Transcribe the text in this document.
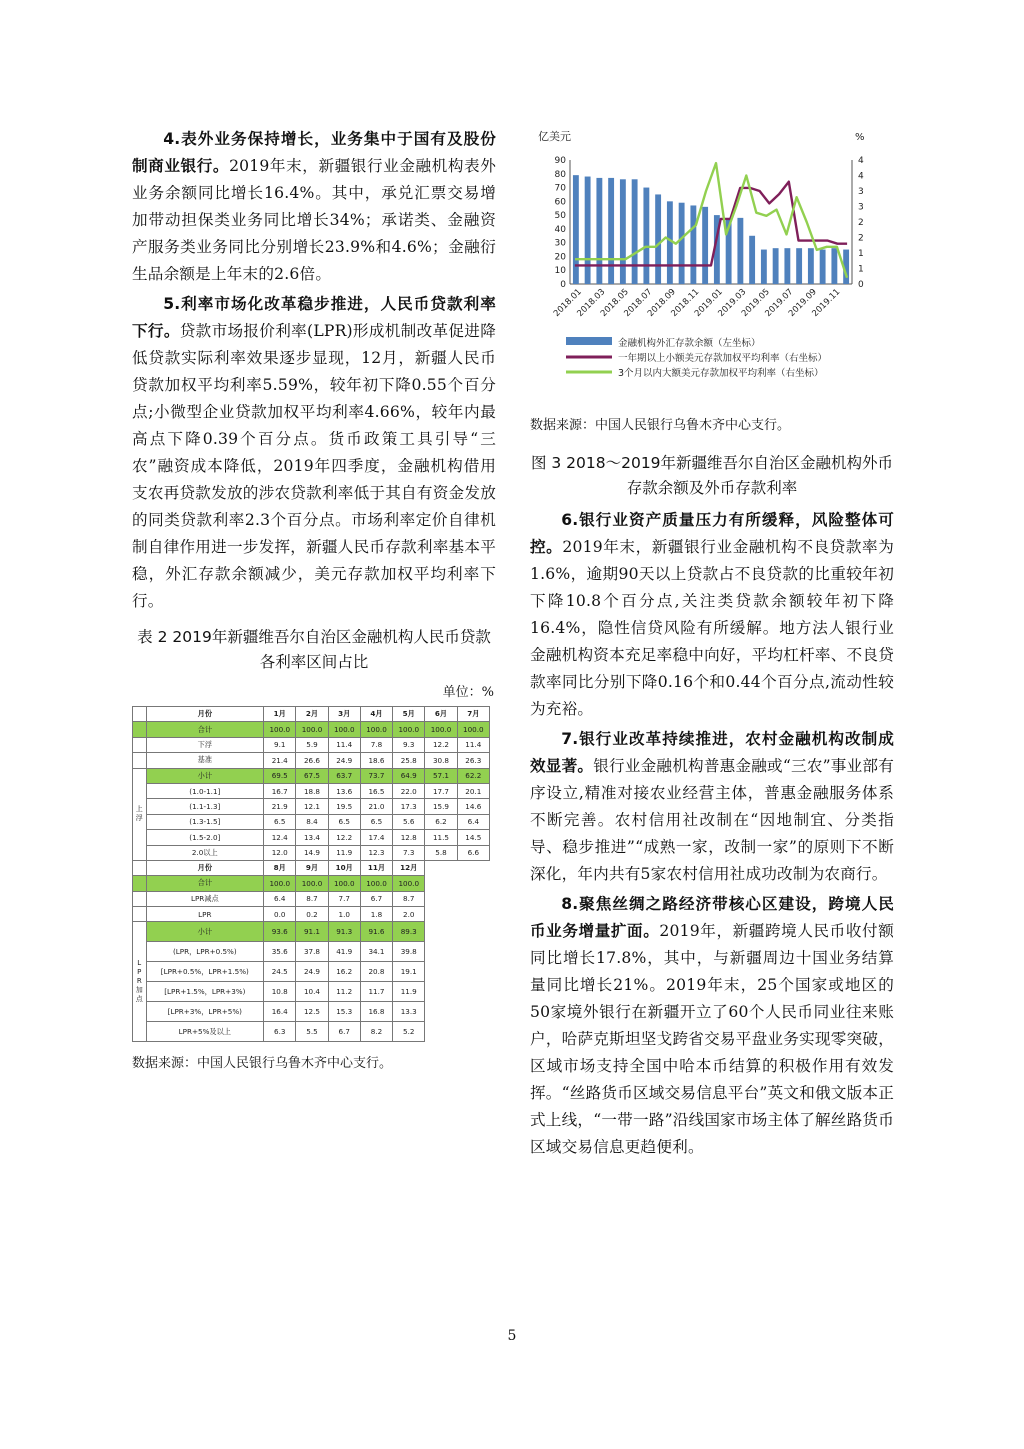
4.表外业务保持增长，业务集中于国有及股份制商业银行。2019年末，新疆银行业金融机构表外业务余额同比增长16.4%。其中，承兑汇票交易增加带动担保类业务同比增长34%；承诺类、金融资产服务类业务同比分别增长23.9%和4.6%；金融衍生品余额是上年末的2.6倍。

5.利率市场化改革稳步推进，人民币贷款利率下行。贷款市场报价利率(LPR)形成机制改革促进降低贷款实际利率效果逐步显现，12月，新疆人民币贷款加权平均利率5.59%，较年初下降0.55个百分点;小微型企业贷款加权平均利率4.66%，较年内最高点下降0.39个百分点。货币政策工具引导“三农”融资成本降低，2019年四季度，金融机构借用支农再贷款发放的涉农贷款利率低于其自有资金发放的同类贷款利率2.3个百分点。市场利率定价自律机制自律作用进一步发挥，新疆人民币存款利率基本平稳，外汇存款余额减少，美元存款加权平均利率下行。

表 2 2019年新疆维吾尔自治区金融机构人民币贷款各利率区间占比
单位：%
	月份	1月	2月	3月	4月	5月	6月	7月
	合计	100.0	100.0	100.0	100.0	100.0	100.0	100.0
	下浮	9.1	5.9	11.4	7.8	9.3	12.2	11.4
	基准	21.4	26.6	24.9	18.6	25.8	30.8	26.3
上浮	小计	69.5	67.5	63.7	73.7	64.9	57.1	62.2
	(1.0-1.1]	16.7	18.8	13.6	16.5	22.0	17.7	20.1
	(1.1-1.3]	21.9	12.1	19.5	21.0	17.3	15.9	14.6
	(1.3-1.5]	6.5	8.4	6.5	6.5	5.6	6.2	6.4
	(1.5-2.0]	12.4	13.4	12.2	17.4	12.8	11.5	14.5
	2.0以上	12.0	14.9	11.9	12.3	7.3	5.8	6.6
	月份	8月	9月	10月	11月	12月		
	合计	100.0	100.0	100.0	100.0	100.0		
	LPR减点	6.4	8.7	7.7	6.7	8.7		
	LPR	0.0	0.2	1.0	1.8	2.0		
LPR加点	小计	93.6	91.1	91.3	91.6	89.3		
	(LPR，LPR+0.5%)	35.6	37.8	41.9	34.1	39.8		
	[LPR+0.5%，LPR+1.5%)	24.5	24.9	16.2	20.8	19.1		
	[LPR+1.5%，LPR+3%)	10.8	10.4	11.2	11.7	11.9		
	[LPR+3%，LPR+5%)	16.4	12.5	15.3	16.8	13.3		
	LPR+5%及以上	6.3	5.5	6.7	8.2	5.2		
数据来源：中国人民银行乌鲁木齐中心支行。
亿美元	%
0
10
20
30
40
50
60
70
80
90
0
1
1
2
2
3
3
4
4
2018.01
2018.03
2018.05
2018.07
2018.09
2018.11
2019.01
2019.03
2019.05
2019.07
2019.09
2019.11
金融机构外汇存款余额（左坐标）
一年期以上小额美元存款加权平均利率（右坐标）
3个月以内大额美元存款加权平均利率（右坐标）
数据来源：中国人民银行乌鲁木齐中心支行。
图 3 2018～2019年新疆维吾尔自治区金融机构外币存款余额及外币存款利率

6.银行业资产质量压力有所缓释，风险整体可控。2019年末，新疆银行业金融机构不良贷款率为1.6%，逾期90天以上贷款占不良贷款的比重较年初下降10.8个百分点,关注类贷款余额较年初下降16.4%，隐性信贷风险有所缓解。地方法人银行业金融机构资本充足率稳中向好，平均杠杆率、不良贷款率同比分别下降0.16个和0.44个百分点,流动性较为充裕。

7.银行业改革持续推进，农村金融机构改制成效显著。银行业金融机构普惠金融或“三农”事业部有序设立,精准对接农业经营主体，普惠金融服务体系不断完善。农村信用社改制在“因地制宜、分类指导、稳步推进”“成熟一家，改制一家”的原则下不断深化，年内共有5家农村信用社成功改制为农商行。

8.聚焦丝绸之路经济带核心区建设，跨境人民币业务增量扩面。2019年，新疆跨境人民币收付额同比增长17.8%，其中，与新疆周边十国业务结算量同比增长21%。2019年末，25个国家或地区的50家境外银行在新疆开立了60个人民币同业往来账户，哈萨克斯坦坚戈跨省交易平盘业务实现零突破，区域市场支持全国中哈本币结算的积极作用有效发挥。“丝路货币区域交易信息平台”英文和俄文版本正式上线，“一带一路”沿线国家市场主体了解丝路货币区域交易信息更趋便利。

5
